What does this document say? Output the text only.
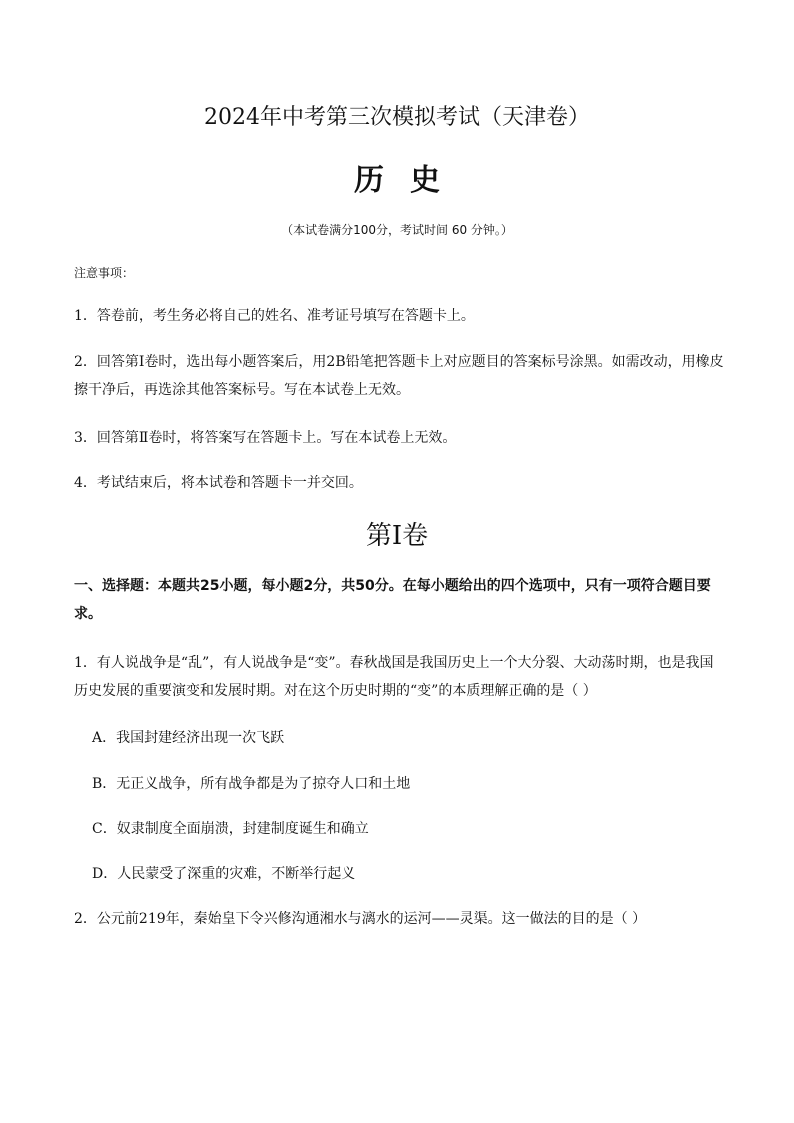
2024年中考第三次模拟考试（天津卷）
历史
（本试卷满分100分，考试时间 60 分钟。）
注意事项：
1．答卷前，考生务必将自己的姓名、准考证号填写在答题卡上。
2．回答第Ⅰ卷时，选出每小题答案后，用2B铅笔把答题卡上对应题目的答案标号涂黑。如需改动，用橡皮擦干净后，再选涂其他答案标号。写在本试卷上无效。
3．回答第Ⅱ卷时，将答案写在答题卡上。写在本试卷上无效。
4．考试结束后，将本试卷和答题卡一并交回。
第Ⅰ卷
一、选择题：本题共25小题，每小题2分，共50分。在每小题给出的四个选项中，只有一项符合题目要求。
1．有人说战争是“乱”，有人说战争是“变”。春秋战国是我国历史上一个大分裂、大动荡时期，也是我国历史发展的重要演变和发展时期。对在这个历史时期的“变”的本质理解正确的是（ ）
A．我国封建经济出现一次飞跃
B．无正义战争，所有战争都是为了掠夺人口和土地
C．奴隶制度全面崩溃，封建制度诞生和确立
D．人民蒙受了深重的灾难，不断举行起义
2．公元前219年，秦始皇下令兴修沟通湘水与漓水的运河——灵渠。这一做法的目的是（ ）
